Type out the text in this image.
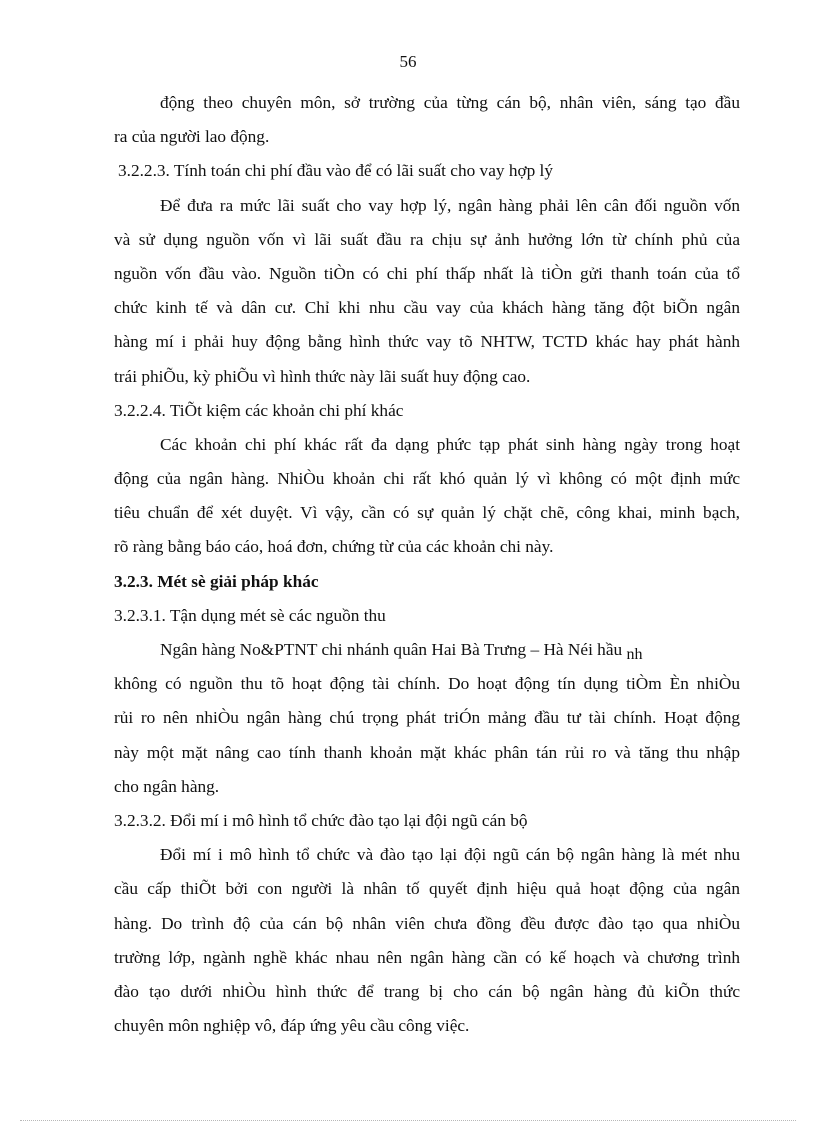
56
động theo chuyên môn, sở trường của từng cán bộ, nhân viên, sáng tạo đầu
ra của người lao động.
3.2.2.3. Tính toán chi phí đầu vào để có lãi suất cho vay hợp lý
Để đưa ra mức lãi suất cho vay hợp lý, ngân hàng phải lên cân đối nguồn vốn
và sử dụng nguồn vốn vì lãi suất đầu ra chịu sự ảnh hưởng lớn từ chính phủ của
nguồn vốn đầu vào. Nguồn tiÒn có chi phí thấp nhất là tiÒn gửi thanh toán của tổ
chức kinh tế và dân cư. Chỉ khi nhu cầu vay của khách hàng tăng đột biÕn ngân
hàng mí i phải huy động bằng hình thức vay tõ NHTW, TCTD khác hay phát hành
trái phiÕu, kỳ phiÕu vì hình thức này lãi suất huy động cao.
3.2.2.4. TiÕt kiệm các khoản chi phí khác
Các khoản chi phí khác rất đa dạng phức tạp phát sinh hàng ngày trong hoạt
động của ngân hàng. NhiÒu khoản chi rất khó quản lý vì không có một định mức
tiêu chuẩn để xét duyệt. Vì vậy, cần có sự quản lý chặt chẽ, công khai, minh bạch,
rõ ràng bằng báo cáo, hoá đơn, chứng từ của các khoản chi này.
3.2.3. Mét sè giải pháp khác
3.2.3.1. Tận dụng mét sè các nguồn thu
Ngân hàng No&PTNT chi nhánh quân Hai Bà Trưng – Hà Néi hầu nh
không có nguồn thu tõ hoạt động tài chính. Do hoạt động tín dụng tiÒm Èn nhiÒu
rủi ro nên nhiÒu ngân hàng chú trọng phát triÓn mảng đầu tư tài chính. Hoạt động
này một mặt nâng cao tính thanh khoản mặt khác phân tán rủi ro và tăng thu nhập
cho ngân hàng.
3.2.3.2. Đổi mí i mô hình tổ chức đào tạo lại đội ngũ cán bộ
Đổi mí i mô hình tổ chức và đào tạo lại đội ngũ cán bộ ngân hàng là mét nhu
cầu cấp thiÕt bởi con người là nhân tố quyết định hiệu quả hoạt động của ngân
hàng. Do trình độ của cán bộ nhân viên chưa đồng đều được đào tạo qua nhiÒu
trường lớp, ngành nghề khác nhau nên ngân hàng cần có kế hoạch và chương trình
đào tạo dưới nhiÒu hình thức để trang bị cho cán bộ ngân hàng đủ kiÕn thức
chuyên môn nghiệp vô, đáp ứng yêu cầu công việc.
